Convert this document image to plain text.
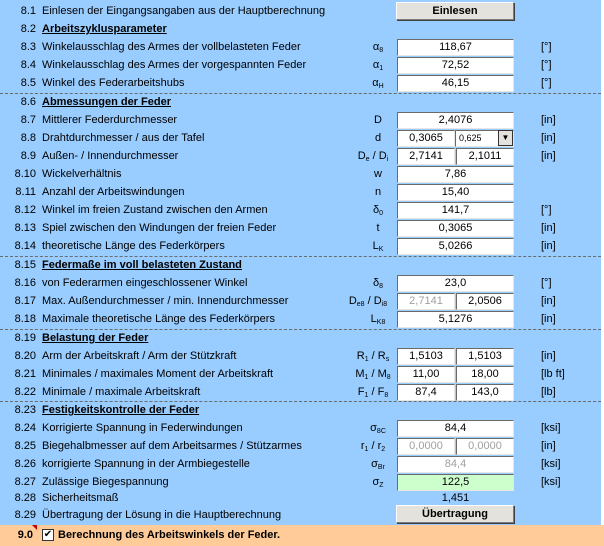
8.1 Einlesen der Eingangsangaben aus der Hauptberechnung	Einlesen
8.2 Arbeitszyklusparameter
8.3 Winkelausschlag des Armes der vollbelasteten Feder	$\alpha_8$	118,67	[°]
8.4 Winkelausschlag des Armes der vorgespannten Feder	$\alpha_1$	72,52	[°]
8.5 Winkel des Federarbeitshubs	$\alpha_H$	46,15	[°]
8.6 Abmessungen der Feder
8.7 Mittlerer Federdurchmesser	D	2,4076	[in]
8.8 Drahtdurchmesser / aus der Tafel	d	0,3065	0,625	▼	[in]
8.9 Außen- / Innendurchmesser	$D_e / D_i$	2,7141	2,1011	[in]
8.10 Wickelverhältnis	w	7,86
8.11 Anzahl der Arbeitswindungen	n	15,40
8.12 Winkel im freien Zustand zwischen den Armen	$\delta_0$	141,7	[°]
8.13 Spiel zwischen den Windungen der freien Feder	t	0,3065	[in]
8.14 theoretische Länge des Federkörpers	$L_K$	5,0266	[in]
8.15 Federmaße im voll belasteten Zustand
8.16 von Federarmen eingeschlossener Winkel	$\delta_8$	23,0	[°]
8.17 Max. Außendurchmesser / min. Innendurchmesser	$D_{e8} / D_{i8}$	2,7141	2,0506	[in]
8.18 Maximale theoretische Länge des Federkörpers	$L_{K8}$	5,1276	[in]
8.19 Belastung der Feder
8.20 Arm der Arbeitskraft / Arm der Stützkraft	$R_1 / R_s$	1,5103	1,5103	[in]
8.21 Minimales / maximales Moment der Arbeitskraft	$M_1 / M_8$	11,00	18,00	[lb ft]
8.22 Minimale / maximale Arbeitskraft	$F_1 / F_8$	87,4	143,0	[lb]
8.23 Festigkeitskontrolle der Feder
8.24 Korrigierte Spannung in Federwindungen	$\sigma_{8C}$	84,4	[ksi]
8.25 Biegehalbmesser auf dem Arbeitsarmes / Stützarmes	$r_1 / r_2$	0,0000	0,0000	[in]
8.26 korrigierte Spannung in der Armbiegestelle	$\sigma_{Br}$	84,4	[ksi]
8.27 Zulässige Biegespannung	$\sigma_Z$	122,5	[ksi]
8.28 Sicherheitsmaß	1,451
8.29 Übertragung der Lösung in die Hauptberechnung	Übertragung
9.0 ✔ Berechnung des Arbeitswinkels der Feder.
